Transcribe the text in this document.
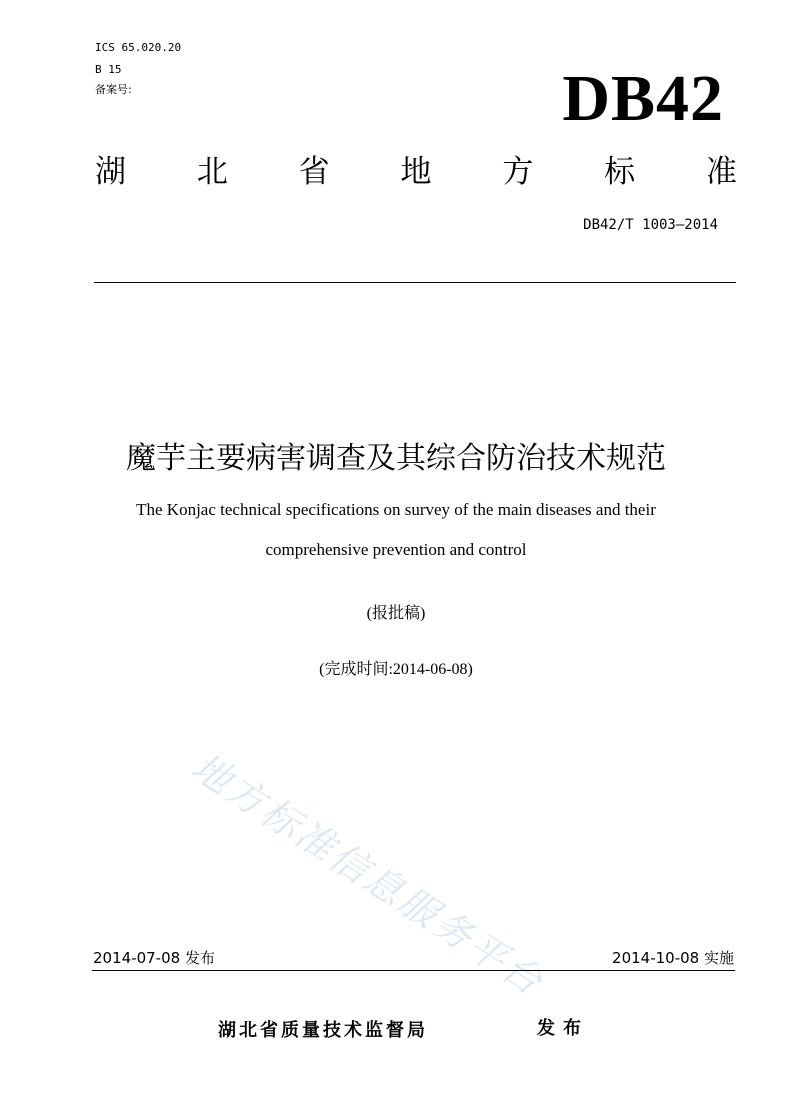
ICS 65.020.20
B 15
备案号:	DB42
湖 北 省 地 方 标 准
DB42/T 1003—2014
魔芋主要病害调查及其综合防治技术规范
The Konjac technical specifications on survey of the main diseases and their
comprehensive prevention and control
(报批稿)
(完成时间:2014-06-08)
地方标准信息服务平台
2014-07-08 发布	2014-10-08 实施
湖北省质量技术监督局	发布
